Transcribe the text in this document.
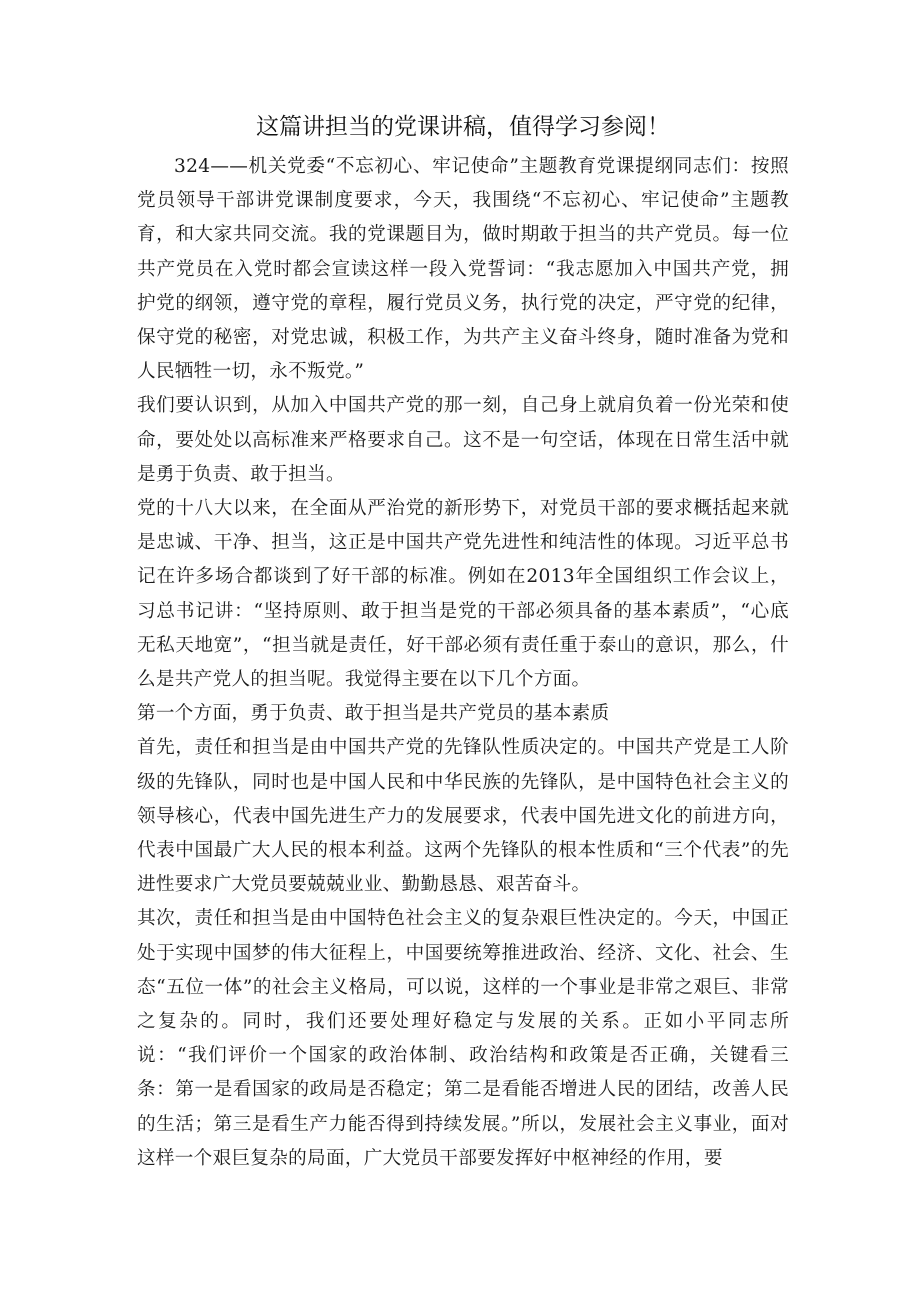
这篇讲担当的党课讲稿，值得学习参阅！

324——机关党委“不忘初心、牢记使命”主题教育党课提纲同志们：按照党员领导干部讲党课制度要求，今天，我围绕“不忘初心、牢记使命”主题教育，和大家共同交流。我的党课题目为，做时期敢于担当的共产党员。每一位共产党员在入党时都会宣读这样一段入党誓词：“我志愿加入中国共产党，拥护党的纲领，遵守党的章程，履行党员义务，执行党的决定，严守党的纪律，保守党的秘密，对党忠诚，积极工作，为共产主义奋斗终身，随时准备为党和人民牺牲一切，永不叛党。”

我们要认识到，从加入中国共产党的那一刻，自己身上就肩负着一份光荣和使命，要处处以高标准来严格要求自己。这不是一句空话，体现在日常生活中就是勇于负责、敢于担当。

党的十八大以来，在全面从严治党的新形势下，对党员干部的要求概括起来就是忠诚、干净、担当，这正是中国共产党先进性和纯洁性的体现。习近平总书记在许多场合都谈到了好干部的标准。例如在2013年全国组织工作会议上，习总书记讲：“坚持原则、敢于担当是党的干部必须具备的基本素质”，“心底无私天地宽”，“担当就是责任，好干部必须有责任重于泰山的意识，那么，什么是共产党人的担当呢。我觉得主要在以下几个方面。

第一个方面，勇于负责、敢于担当是共产党员的基本素质

首先，责任和担当是由中国共产党的先锋队性质决定的。中国共产党是工人阶级的先锋队，同时也是中国人民和中华民族的先锋队，是中国特色社会主义的领导核心，代表中国先进生产力的发展要求，代表中国先进文化的前进方向，代表中国最广大人民的根本利益。这两个先锋队的根本性质和“三个代表”的先进性要求广大党员要兢兢业业、勤勤恳恳、艰苦奋斗。

其次，责任和担当是由中国特色社会主义的复杂艰巨性决定的。今天，中国正处于实现中国梦的伟大征程上，中国要统筹推进政治、经济、文化、社会、生态“五位一体”的社会主义格局，可以说，这样的一个事业是非常之艰巨、非常之复杂的。同时，我们还要处理好稳定与发展的关系。正如小平同志所说：“我们评价一个国家的政治体制、政治结构和政策是否正确，关键看三条：第一是看国家的政局是否稳定；第二是看能否增进人民的团结，改善人民的生活；第三是看生产力能否得到持续发展。”所以，发展社会主义事业，面对这样一个艰巨复杂的局面，广大党员干部要发挥好中枢神经的作用，要
